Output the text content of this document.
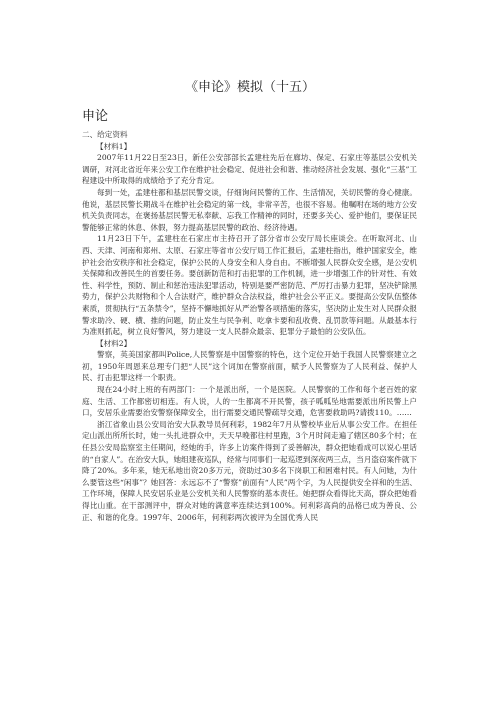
《申论》模拟（十五）
申论

二、给定资料

【材料1】

2007年11月22日至23日，新任公安部部长孟建柱先后在廊坊、保定、石家庄等基层公安机关调研，对河北省近年来公安工作在维护社会稳定、促进社会和谐、推动经济社会发展、强化“三基”工程建设中所取得的成绩给予了充分肯定。

每到一处，孟建柱都和基层民警交谈，仔细询问民警的工作、生活情况，关切民警的身心健康。他说，基层民警长期战斗在维护社会稳定的第一线，非常辛苦，也很不容易。他嘱咐在场的地方公安机关负责同志，在褒扬基层民警无私奉献、忘我工作精神的同时，还要多关心、爱护他们，要保证民警能够正常的休息、休假，努力提高基层民警的政治、经济待遇。

11月23日下午，孟建柱在石家庄市主持召开了部分省市公安厅局长座谈会。在听取河北、山西、天津、河南和郑州、太原、石家庄等省市公安厅局工作汇报后，孟建柱指出，维护国家安全，维护社会治安秩序和社会稳定，保护公民的人身安全和人身自由。不断增强人民群众安全感，是公安机关保障和改善民生的首要任务。要创新防范和打击犯罪的工作机制，进一步增强工作的针对性、有效性、科学性，预防、制止和惩治违法犯罪活动，特别是要严密防范、严厉打击暴力犯罪，坚决铲除黑势力，保护公共财物和个人合法财产，维护群众合法权益，维护社会公平正义。要提高公安队伍整体素质，贯彻执行“五条禁令”，坚持不懈地抓好从严治警各项措施的落实，坚决防止发生对人民群众报警求助冷、硬、横、推的问题，防止发生与民争利、吃拿卡要和乱收费、乱罚款等问题。从最基本行为准则抓起，树立良好警风，努力建设一支人民群众最亲、犯罪分子最怕的公安队伍。

【材料2】

警察，英美国家都叫Police,人民警察是中国警察的特色，这个定位开始于我国人民警察建立之初，1950年周恩来总理专门把“人民”这个词加在警察前面，赋予人民警察为了人民利益、保护人民、打击犯罪这样一个职责。

现在24小时上班的有两部门：一个是派出所，一个是医院。人民警察的工作和每个老百姓的家庭、生活、工作都密切相连。有人说，人的一生都离不开民警，孩子呱呱坠地需要派出所民警上户口，安居乐业需要治安警察保障安全，出行需要交通民警疏导交通，危害要救助吗?请拨110。……

浙江省象山县公安局治安大队教导员何利彩，1982年7月从警校毕业后从事公安工作。在担任定山派出所所长时，她一头扎进群众中，天天早晚都往村里跑，3个月时间走遍了辖区80多个村；在任县公安局监察室主任期间，经她的手，许多上访案件得到了妥善解决，群众把她看成可以说心里话的“自家人”。在治安大队，她组建夜巡队，经常与同事们一起巡逻到深夜两三点，当月盗窃案件就下降了20%。多年来，她无私地出资20多万元，资助过30多名下岗职工和困难村民。有人问她，为什么要管这些“闲事”？她回答：永远忘不了“警察”前面有“人民”两个字，为人民提供安全祥和的生活、工作环境，保障人民安居乐业是公安机关和人民警察的基本责任。她把群众看得比天高，群众把她看得比山重。在干部测评中，群众对她的满意率连续达到100%。何利彩高尚的品格已成为善良、公正、和谐的化身。1997年、2006年，何利彩两次被评为全国优秀人民
